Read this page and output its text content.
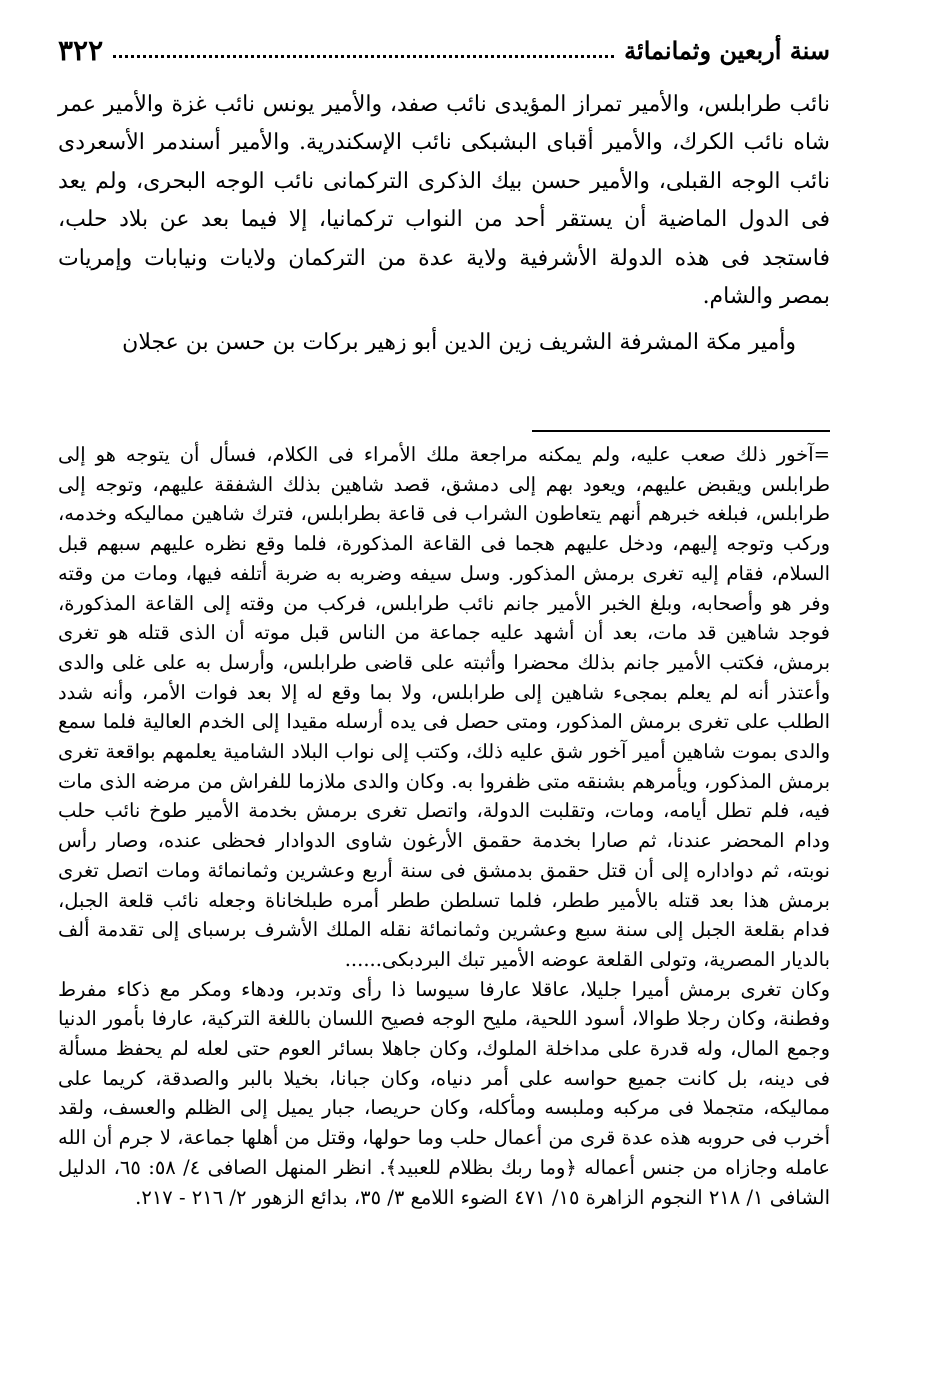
سنة أربعين وثمانمائة
٣٢٢

نائب طرابلس، والأمير تمراز المؤيدى نائب صفد، والأمير يونس نائب غزة والأمير عمر شاه نائب الكرك، والأمير أقباى البشبكى نائب الإسكندرية. والأمير أسندمر الأسعردى نائب الوجه القبلى، والأمير حسن بيك الذكرى التركمانى نائب الوجه البحرى، ولم يعد فى الدول الماضية أن يستقر أحد من النواب تركمانيا، إلا فيما بعد عن بلاد حلب، فاستجد فى هذه الدولة الأشرفية ولاية عدة من التركمان ولايات ونيابات وإمريات بمصر والشام.

وأمير مكة المشرفة الشريف زين الدين أبو زهير بركات بن حسن بن عجلان

=آخور ذلك صعب عليه، ولم يمكنه مراجعة ملك الأمراء فى الكلام، فسأل أن يتوجه هو إلى طرابلس ويقبض عليهم، ويعود بهم إلى دمشق، قصد شاهين بذلك الشفقة عليهم، وتوجه إلى طرابلس، فبلغه خبرهم أنهم يتعاطون الشراب فى قاعة بطرابلس، فترك شاهين مماليكه وخدمه، وركب وتوجه إليهم، ودخل عليهم هجما فى القاعة المذكورة، فلما وقع نظره عليهم سبهم قبل السلام، فقام إليه تغرى برمش المذكور. وسل سيفه وضربه به ضربة أتلفه فيها، ومات من وقته وفر هو وأصحابه، وبلغ الخبر الأمير جانم نائب طرابلس، فركب من وقته إلى القاعة المذكورة، فوجد شاهين قد مات، بعد أن أشهد عليه جماعة من الناس قبل موته أن الذى قتله هو تغرى برمش، فكتب الأمير جانم بذلك محضرا وأثبته على قاضى طرابلس، وأرسل به على غلى والدى وأعتذر أنه لم يعلم بمجىء شاهين إلى طرابلس، ولا بما وقع له إلا بعد فوات الأمر، وأنه شدد الطلب على تغرى برمش المذكور، ومتى حصل فى يده أرسله مقيدا إلى الخدم العالية فلما سمع والدى بموت شاهين أمير آخور شق عليه ذلك، وكتب إلى نواب البلاد الشامية يعلمهم بواقعة تغرى برمش المذكور، ويأمرهم بشنقه متى ظفروا به. وكان والدى ملازما للفراش من مرضه الذى مات فيه، فلم تطل أيامه، ومات، وتقلبت الدولة، واتصل تغرى برمش بخدمة الأمير طوخ نائب حلب ودام المحضر عندنا، ثم صارا بخدمة حقمق الأرغون شاوى الدوادار فحظى عنده، وصار رأس نوبته، ثم دواداره إلى أن قتل حقمق بدمشق فى سنة أربع وعشرين وثمانمائة ومات اتصل تغرى برمش هذا بعد قتله بالأمير ططر، فلما تسلطن ططر أمره طبلخاناة وجعله نائب قلعة الجبل، فدام بقلعة الجبل إلى سنة سبع وعشرين وثمانمائة نقله الملك الأشرف برسباى إلى تقدمة ألف بالديار المصرية، وتولى القلعة عوضه الأمير تبك البردبكى......

وكان تغرى برمش أميرا جليلا، عاقلا عارفا سيوسا ذا رأى وتدبر، ودهاء ومكر مع ذكاء مفرط وفطنة، وكان رجلا طوالا، أسود اللحية، مليح الوجه فصيح اللسان باللغة التركية، عارفا بأمور الدنيا وجمع المال، وله قدرة على مداخلة الملوك، وكان جاهلا بسائر العوم حتى لعله لم يحفظ مسألة فى دينه، بل كانت جميع حواسه على أمر دنياه، وكان جبانا، بخيلا بالبر والصدقة، كريما على مماليكه، متجملا فى مركبه وملبسه ومأكله، وكان حريصا، جبار يميل إلى الظلم والعسف، ولقد أخرب فى حروبه هذه عدة قرى من أعمال حلب وما حولها، وقتل من أهلها جماعة، لا جرم أن الله عامله وجازاه من جنس أعماله ﴿وما ربك بظلام للعبيد﴾. انظر المنهل الصافى ٤/ ٥٨: ٦٥، الدليل الشافى ١/ ٢١٨ النجوم الزاهرة ١٥/ ٤٧١ الضوء اللامع ٣/ ٣٥، بدائع الزهور ٢/ ٢١٦ - ٢١٧.
